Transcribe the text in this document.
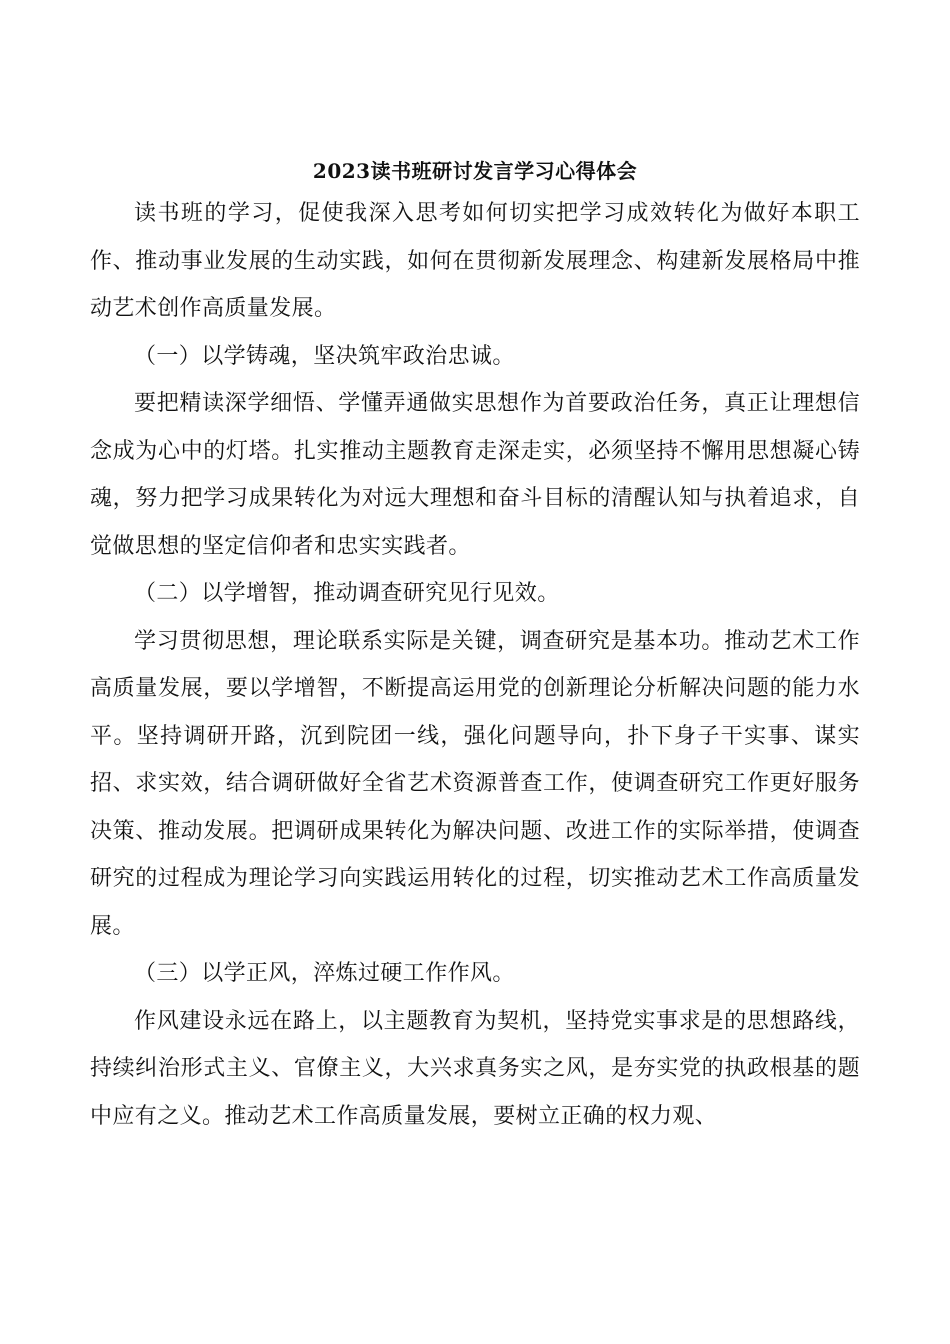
2023读书班研讨发言学习心得体会

读书班的学习，促使我深入思考如何切实把学习成效转化为做好本职工作、推动事业发展的生动实践，如何在贯彻新发展理念、构建新发展格局中推动艺术创作高质量发展。

（一）以学铸魂，坚决筑牢政治忠诚。

要把精读深学细悟、学懂弄通做实思想作为首要政治任务，真正让理想信念成为心中的灯塔。扎实推动主题教育走深走实，必须坚持不懈用思想凝心铸魂，努力把学习成果转化为对远大理想和奋斗目标的清醒认知与执着追求，自觉做思想的坚定信仰者和忠实实践者。

（二）以学增智，推动调查研究见行见效。

学习贯彻思想，理论联系实际是关键，调查研究是基本功。推动艺术工作高质量发展，要以学增智，不断提高运用党的创新理论分析解决问题的能力水平。坚持调研开路，沉到院团一线，强化问题导向，扑下身子干实事、谋实招、求实效，结合调研做好全省艺术资源普查工作，使调查研究工作更好服务决策、推动发展。把调研成果转化为解决问题、改进工作的实际举措，使调查研究的过程成为理论学习向实践运用转化的过程，切实推动艺术工作高质量发展。

（三）以学正风，淬炼过硬工作作风。

作风建设永远在路上，以主题教育为契机，坚持党实事求是的思想路线，持续纠治形式主义、官僚主义，大兴求真务实之风，是夯实党的执政根基的题中应有之义。推动艺术工作高质量发展，要树立正确的权力观、
